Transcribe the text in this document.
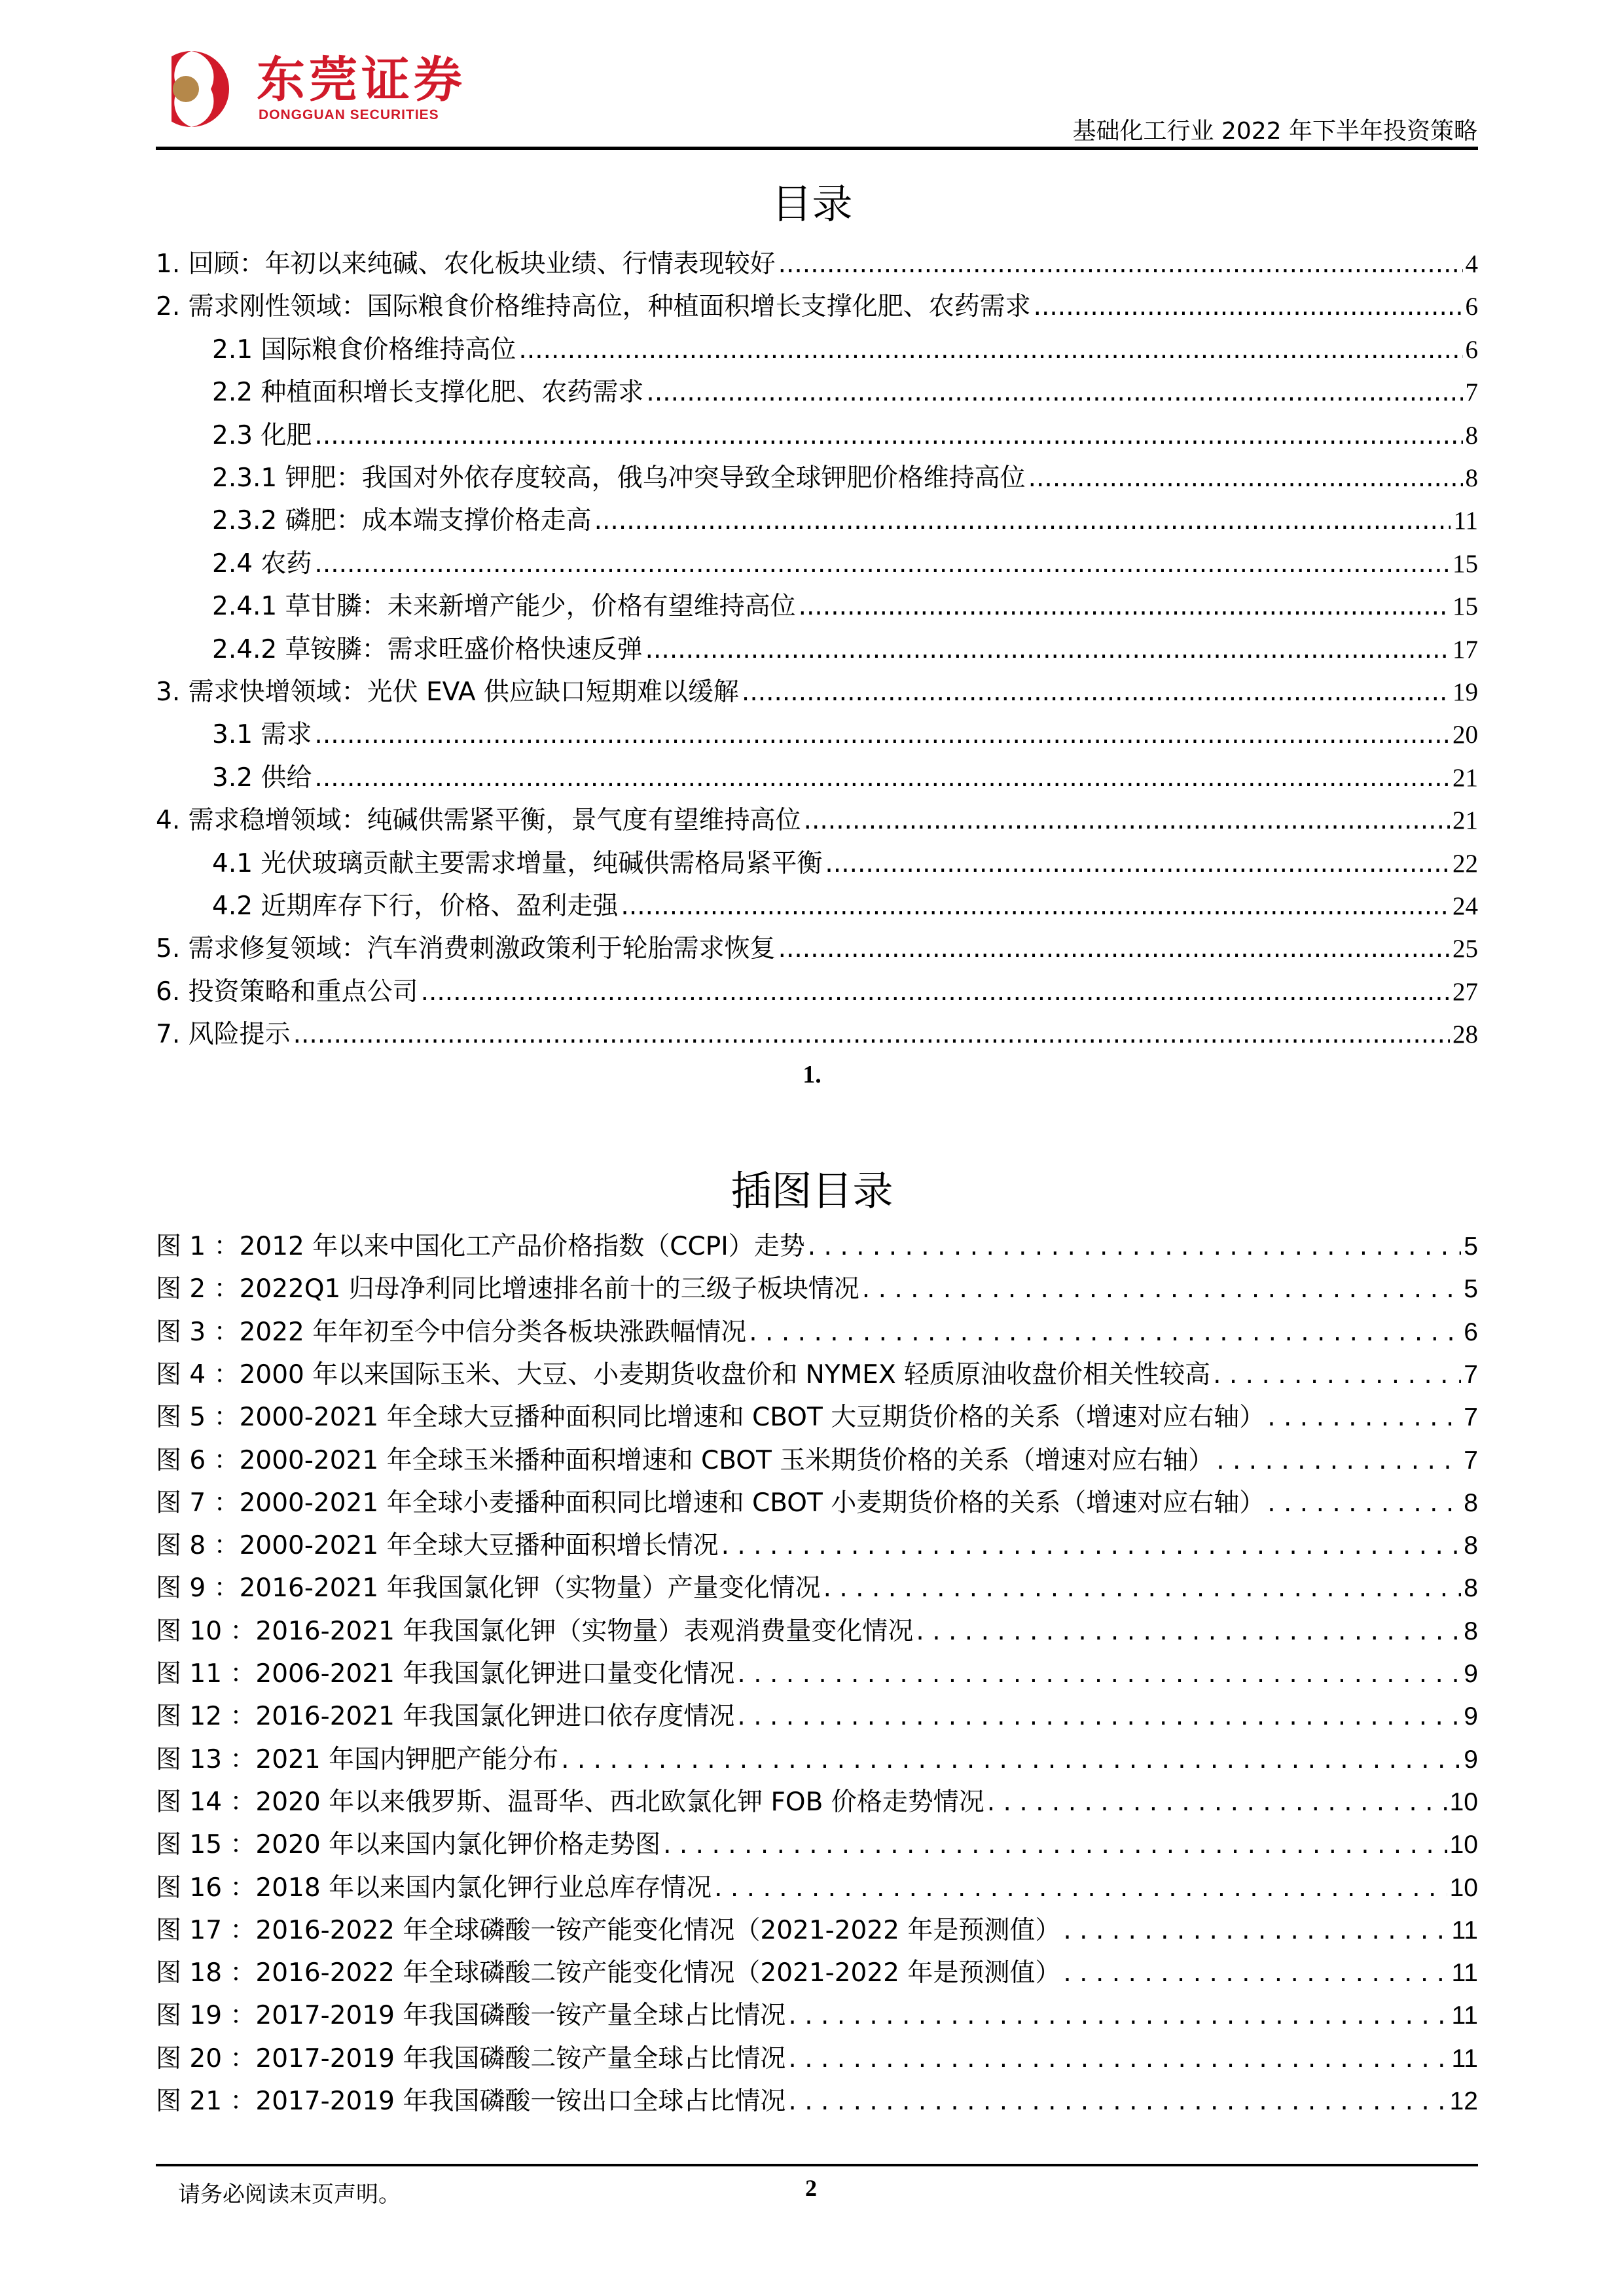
东莞证券
DONGGUAN SECURITIES
基础化工行业 2022 年下半年投资策略
目录
1. 回顾：年初以来纯碱、农化板块业绩、行情表现较好 .....	4
2. 需求刚性领域：国际粮食价格维持高位，种植面积增长支撑化肥、农药需求 .....	6
2.1 国际粮食价格维持高位 .....	6
2.2 种植面积增长支撑化肥、农药需求 .....	7
2.3 化肥 .....	8
2.3.1 钾肥：我国对外依存度较高，俄乌冲突导致全球钾肥价格维持高位 .....	8
2.3.2 磷肥：成本端支撑价格走高 .....	11
2.4 农药 .....	15
2.4.1 草甘膦：未来新增产能少，价格有望维持高位 .....	15
2.4.2 草铵膦：需求旺盛价格快速反弹 .....	17
3. 需求快增领域：光伏 EVA 供应缺口短期难以缓解 .....	19
3.1 需求 .....	20
3.2 供给 .....	21
4. 需求稳增领域：纯碱供需紧平衡，景气度有望维持高位 .....	21
4.1 光伏玻璃贡献主要需求增量，纯碱供需格局紧平衡 .....	22
4.2 近期库存下行，价格、盈利走强 .....	24
5. 需求修复领域：汽车消费刺激政策利于轮胎需求恢复 .....	25
6. 投资策略和重点公司 .....	27
7. 风险提示 .....	28
1.
插图目录
图 1 ：2012 年以来中国化工产品价格指数（CCPI）走势 . . .	5
图 2 ：2022Q1 归母净利同比增速排名前十的三级子板块情况 . . .	5
图 3 ：2022 年年初至今中信分类各板块涨跌幅情况 . . .	6
图 4 ：2000 年以来国际玉米、大豆、小麦期货收盘价和 NYMEX 轻质原油收盘价相关性较高 . . .	7
图 5 ：2000-2021 年全球大豆播种面积同比增速和 CBOT 大豆期货价格的关系（增速对应右轴） . . .	7
图 6 ：2000-2021 年全球玉米播种面积增速和 CBOT 玉米期货价格的关系（增速对应右轴） . . .	7
图 7 ：2000-2021 年全球小麦播种面积同比增速和 CBOT 小麦期货价格的关系（增速对应右轴） . . .	8
图 8 ：2000-2021 年全球大豆播种面积增长情况 . . .	8
图 9 ：2016-2021 年我国氯化钾（实物量）产量变化情况 . . .	8
图 10 ：2016-2021 年我国氯化钾（实物量）表观消费量变化情况 . . .	8
图 11 ：2006-2021 年我国氯化钾进口量变化情况 . . .	9
图 12 ：2016-2021 年我国氯化钾进口依存度情况 . . .	9
图 13 ：2021 年国内钾肥产能分布 . . .	9
图 14 ：2020 年以来俄罗斯、温哥华、西北欧氯化钾 FOB 价格走势情况 . . .	10
图 15 ：2020 年以来国内氯化钾价格走势图 . . .	10
图 16 ：2018 年以来国内氯化钾行业总库存情况 . . .	10
图 17 ：2016-2022 年全球磷酸一铵产能变化情况（2021-2022 年是预测值） . . .	11
图 18 ：2016-2022 年全球磷酸二铵产能变化情况（2021-2022 年是预测值） . . .	11
图 19 ：2017-2019 年我国磷酸一铵产量全球占比情况 . . .	11
图 20 ：2017-2019 年我国磷酸二铵产量全球占比情况 . . .	11
图 21 ：2017-2019 年我国磷酸一铵出口全球占比情况 . . .	12
请务必阅读末页声明。	2
